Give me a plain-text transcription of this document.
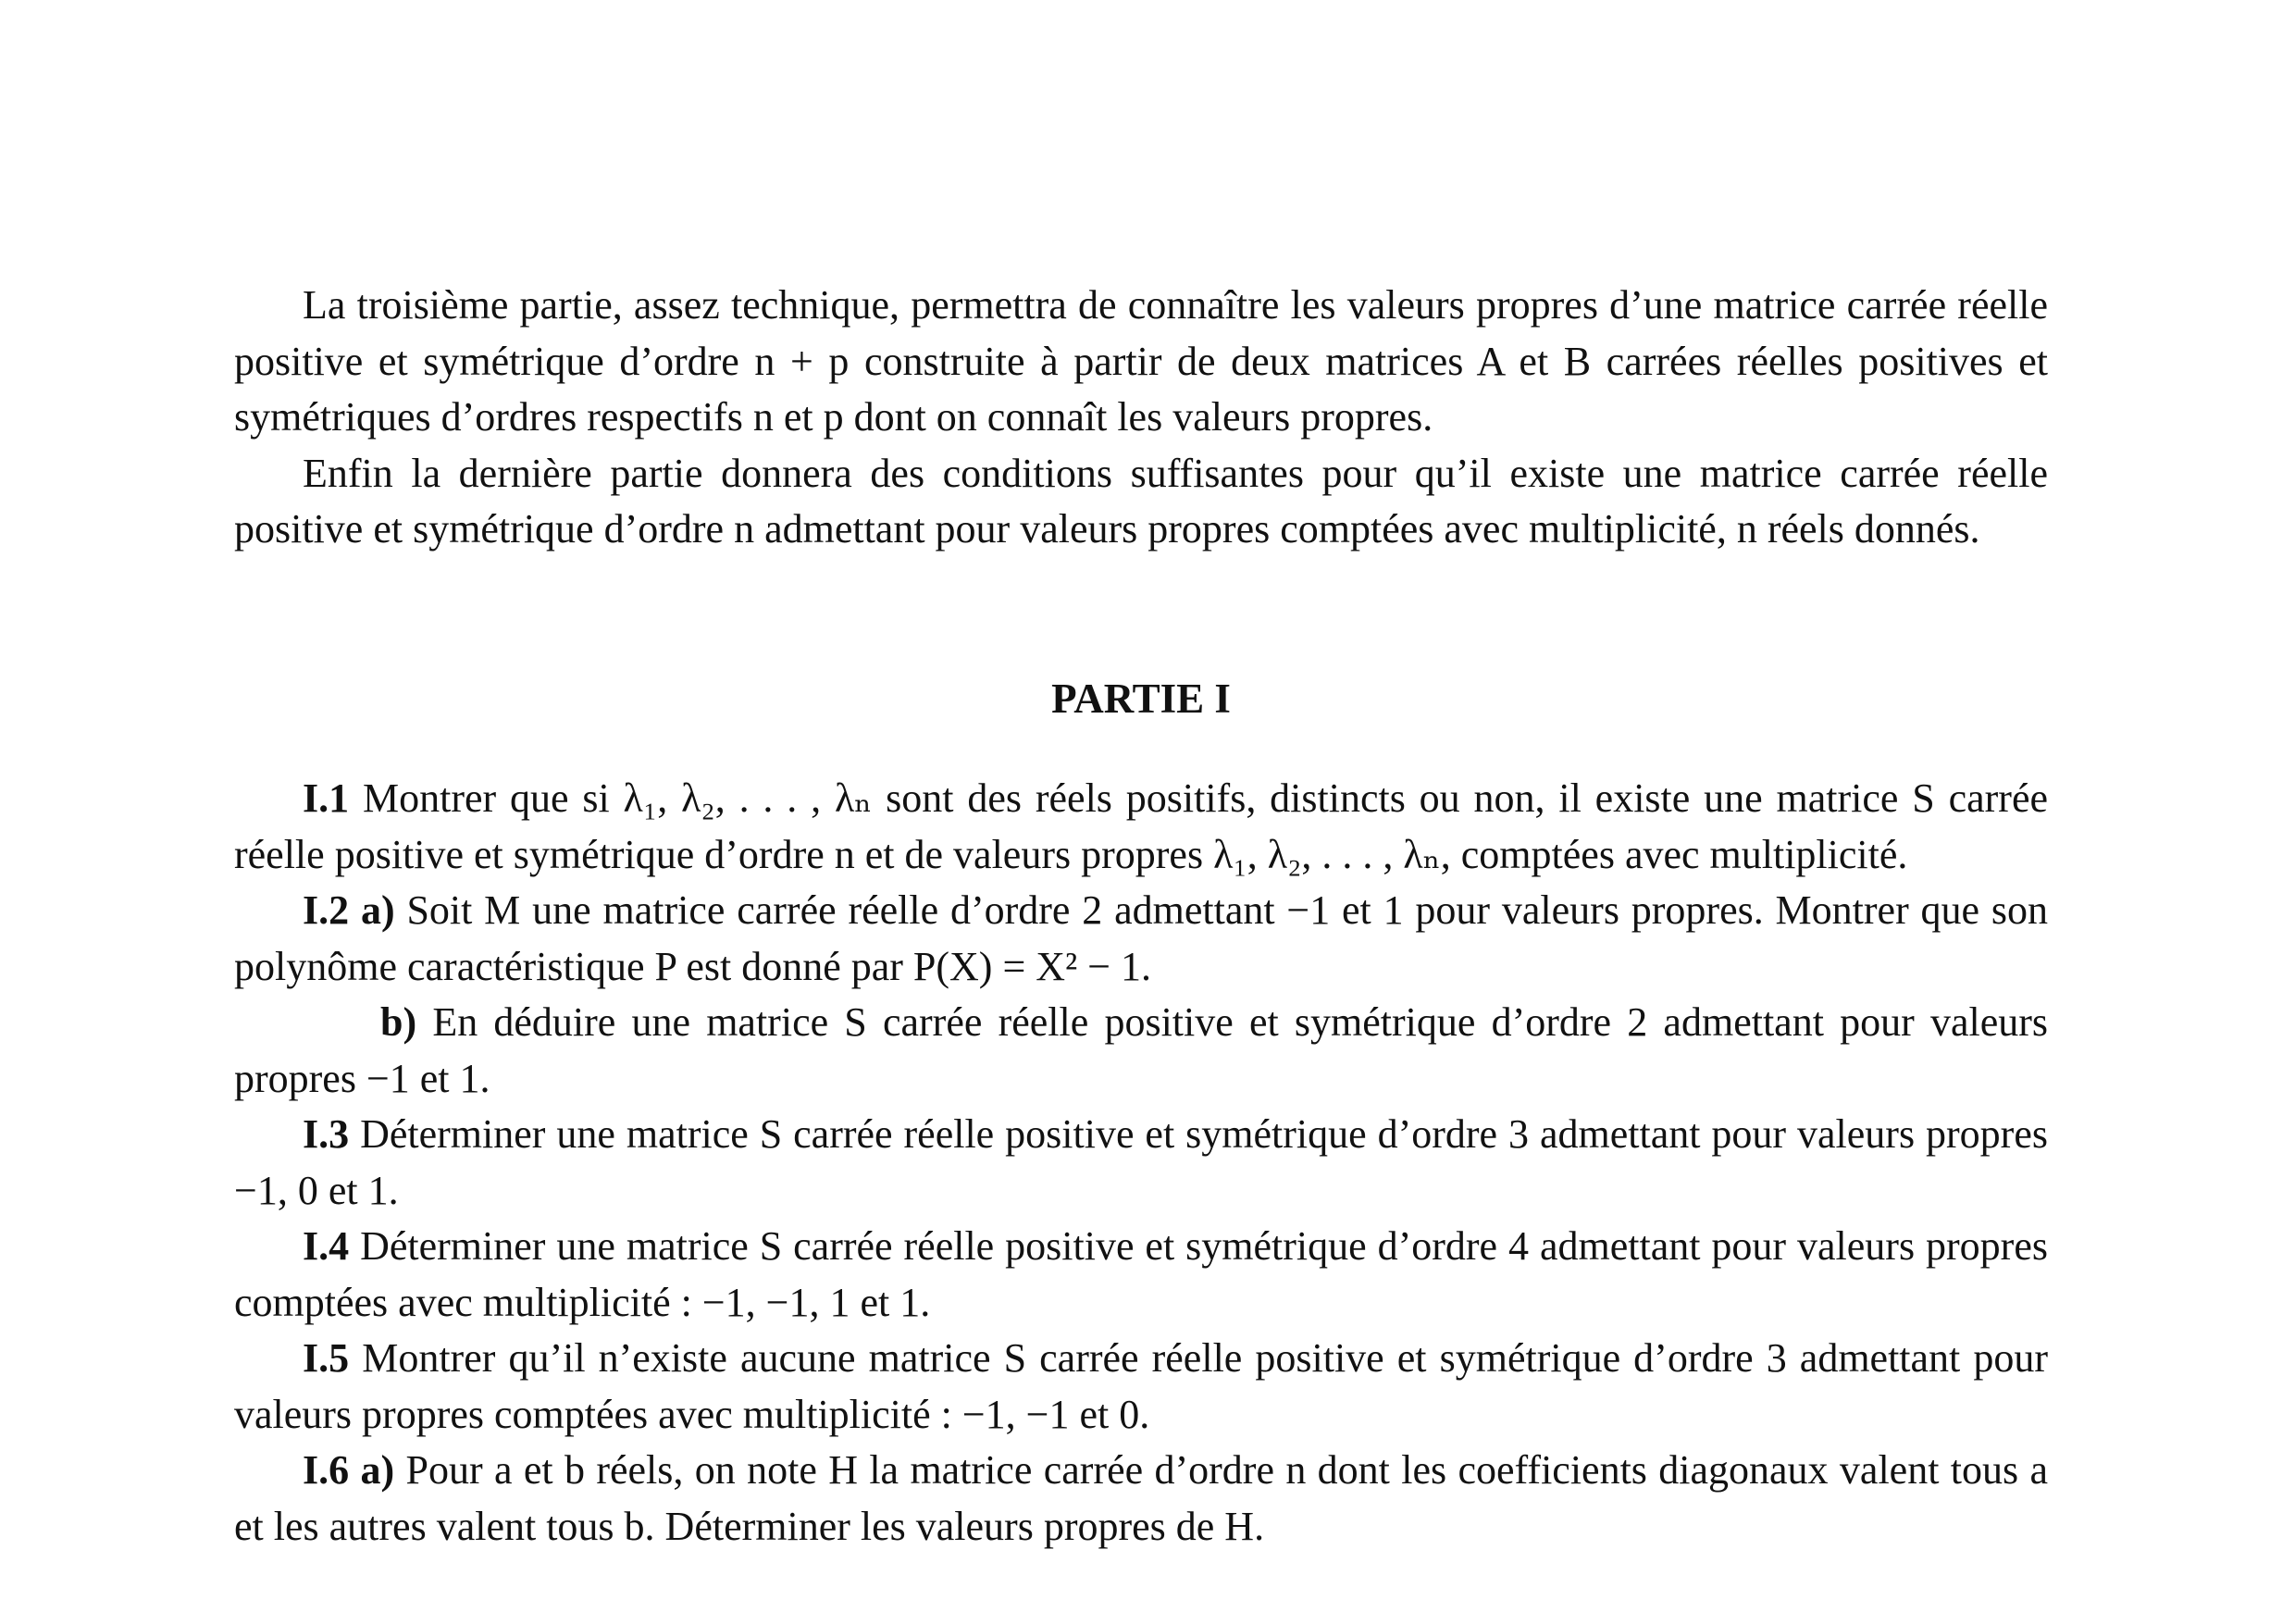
La troisième partie, assez technique, permettra de connaître les valeurs propres d’une matrice carrée réelle positive et symétrique d’ordre n + p construite à partir de deux matrices A et B carrées réelles positives et symétriques d’ordres respectifs n et p dont on connaît les valeurs propres.

Enfin la dernière partie donnera des conditions suffisantes pour qu’il existe une matrice carrée réelle positive et symétrique d’ordre n admettant pour valeurs propres comptées avec multiplicité, n réels donnés.

PARTIE I

I.1 Montrer que si λ₁, λ₂, . . . , λₙ sont des réels positifs, distincts ou non, il existe une matrice S carrée réelle positive et symétrique d’ordre n et de valeurs propres λ₁, λ₂, . . . , λₙ, comptées avec multiplicité.

I.2 a) Soit M une matrice carrée réelle d’ordre 2 admettant −1 et 1 pour valeurs propres. Montrer que son polynôme caractéristique P est donné par P(X) = X² − 1.

b) En déduire une matrice S carrée réelle positive et symétrique d’ordre 2 admettant pour valeurs propres −1 et 1.

I.3 Déterminer une matrice S carrée réelle positive et symétrique d’ordre 3 admettant pour valeurs propres −1, 0 et 1.

I.4 Déterminer une matrice S carrée réelle positive et symétrique d’ordre 4 admettant pour valeurs propres comptées avec multiplicité : −1, −1, 1 et 1.

I.5 Montrer qu’il n’existe aucune matrice S carrée réelle positive et symétrique d’ordre 3 admettant pour valeurs propres comptées avec multiplicité : −1, −1 et 0.

I.6 a) Pour a et b réels, on note H la matrice carrée d’ordre n dont les coefficients diagonaux valent tous a et les autres valent tous b. Déterminer les valeurs propres de H.
